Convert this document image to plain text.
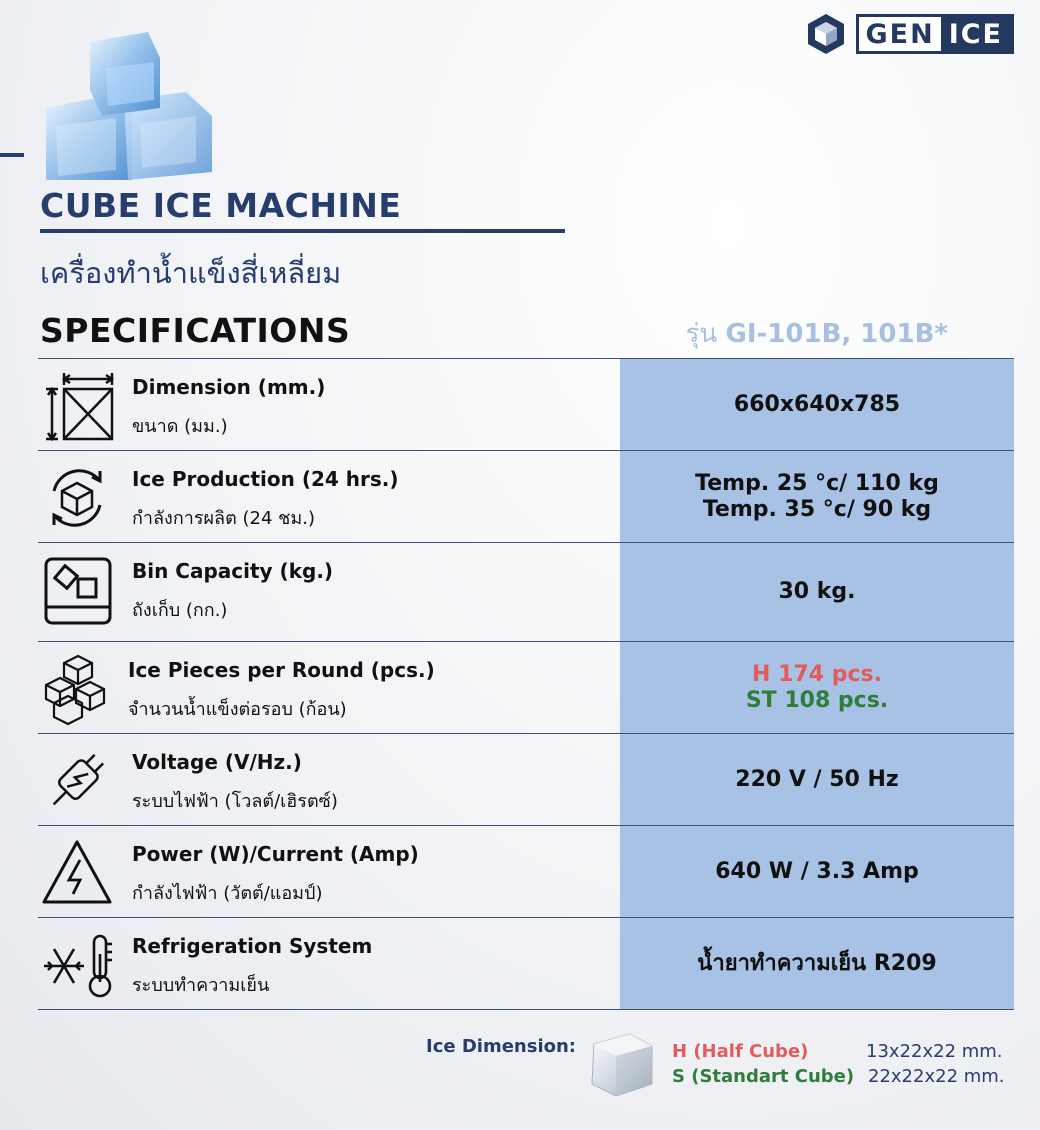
GEN ICE
CUBE ICE MACHINE
เครื่องทำน้ำแข็งสี่เหลี่ยม
SPECIFICATIONS	รุ่น GI-101B, 101B*
Dimension (mm.)
ขนาด (มม.)
660x640x785
Ice Production (24 hrs.)
กำลังการผลิต (24 ชม.)
Temp. 25 °c/ 110 kg
Temp. 35 °c/ 90 kg
Bin Capacity (kg.)
ถังเก็บ (กก.)
30 kg.
Ice Pieces per Round (pcs.)
จำนวนน้ำแข็งต่อรอบ (ก้อน)
H 174 pcs.
ST 108 pcs.
Voltage (V/Hz.)
ระบบไฟฟ้า (โวลต์/เฮิรตซ์)
220 V / 50 Hz
Power (W)/Current (Amp)
กำลังไฟฟ้า (วัตต์/แอมป์)
640 W / 3.3 Amp
Refrigeration System
ระบบทำความเย็น
น้ำยาทำความเย็น R209
Ice Dimension:	H (Half Cube)
S (Standart Cube)
13x22x22 mm.
22x22x22 mm.
